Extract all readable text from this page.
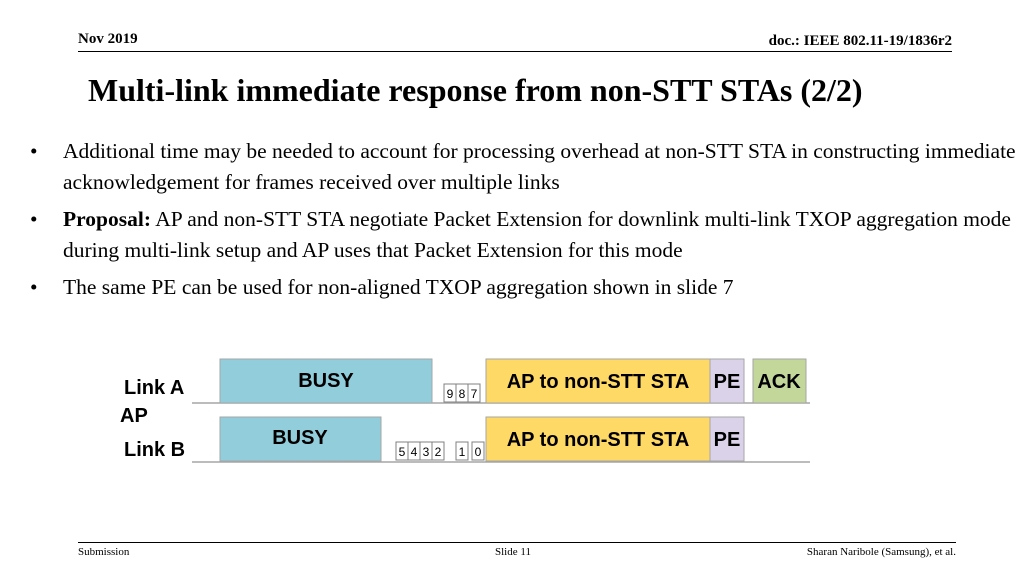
Nov 2019	doc.: IEEE 802.11-19/1836r2
Multi-link immediate response from non-STT STAs (2/2)
• Additional time may be needed to account for processing overhead at non-STT STA in constructing immediate acknowledgement for frames received over multiple links
• Proposal: AP and non-STT STA negotiate Packet Extension for downlink multi-link TXOP aggregation mode during multi-link setup and AP uses that Packet Extension for this mode
• The same PE can be used for non-aligned TXOP aggregation shown in slide 7
Link A
AP
Link B
BUSY
9 8 7
AP to non-STT STA PE ACK
BUSY
5 4 3 2 1 0
AP to non-STT STA PE
Submission	Slide 11	Sharan Naribole (Samsung), et al.
